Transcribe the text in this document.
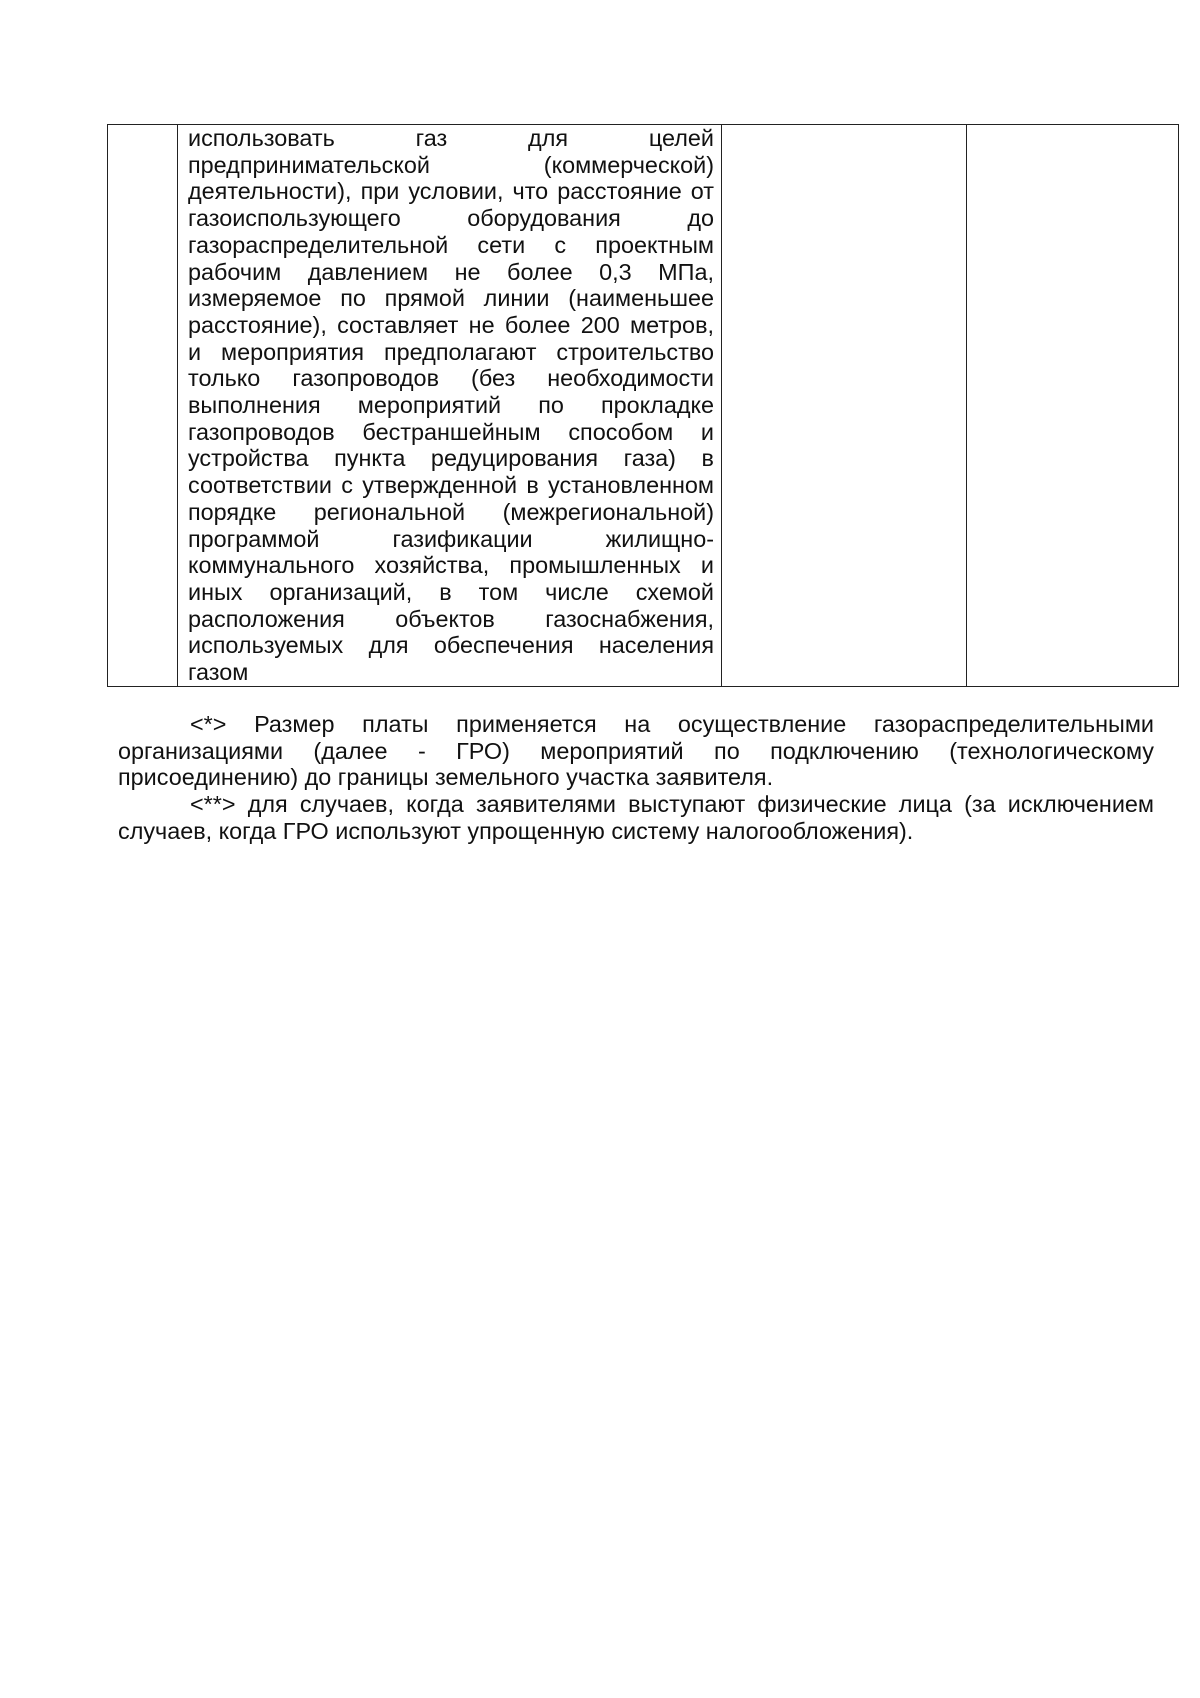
	использовать газ для целей предпринимательской (коммерческой) деятельности), при условии, что расстояние от газоиспользующего оборудования до газораспределительной сети с проектным рабочим давлением не более 0,3 МПа, измеряемое по прямой линии (наименьшее расстояние), составляет не более 200 метров, и мероприятия предполагают строительство только газопроводов (без необходимости выполнения мероприятий по прокладке газопроводов бестраншейным способом и устройства пункта редуцирования газа) в соответствии с утвержденной в установленном порядке региональной (межрегиональной) программой газификации жилищно-коммунального хозяйства, промышленных и иных организаций, в том числе схемой расположения объектов газоснабжения, используемых для обеспечения населения газом		

<*> Размер платы применяется на осуществление газораспределительными организациями (далее - ГРО) мероприятий по подключению (технологическому присоединению) до границы земельного участка заявителя.

<**> для случаев, когда заявителями выступают физические лица (за исключением случаев, когда ГРО используют упрощенную систему налогообложения).
